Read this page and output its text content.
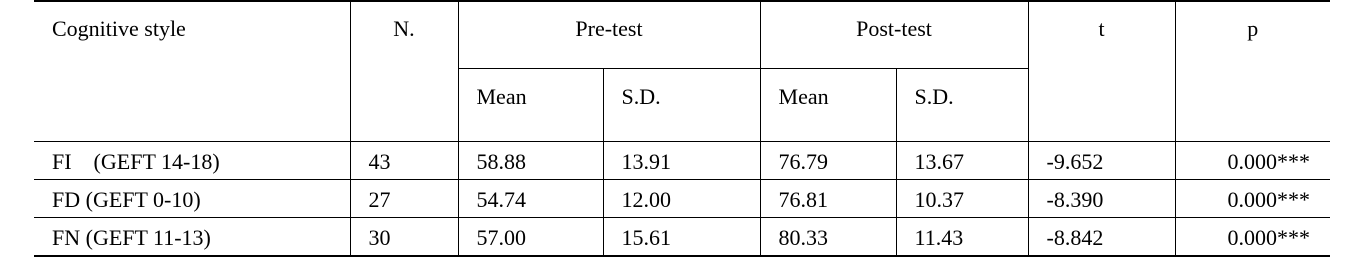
Cognitive style	N.	Pre-test		Post-test		t	p
		Mean	S.D.	Mean	S.D.		
FI    (GEFT 14-18)	43	58.88	13.91	76.79	13.67	-9.652	0.000***
FD (GEFT 0-10)	27	54.74	12.00	76.81	10.37	-8.390	0.000***
FN (GEFT 11-13)	30	57.00	15.61	80.33	11.43	-8.842	0.000***
